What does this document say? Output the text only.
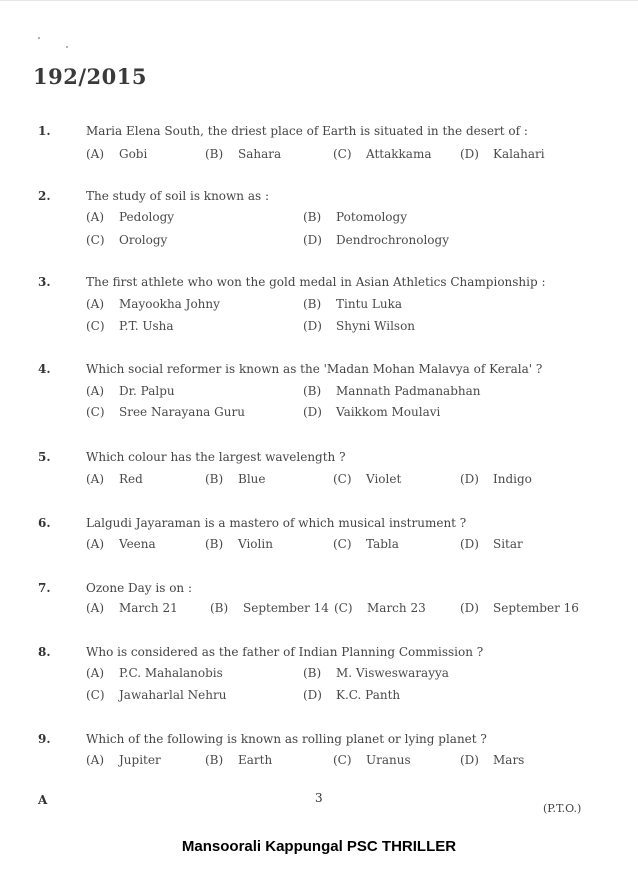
192/2015
1.	Maria Elena South, the driest place of Earth is situated in the desert of :
(A) Gobi	(B) Sahara	(C) Attakkama (D) Kalahari
2.	The study of soil is known as :
(A) Pedology	(B) Potomology
(C) Orology	(D) Dendrochronology
3.	The first athlete who won the gold medal in Asian Athletics Championship :
(A) Mayookha Johny	(B) Tintu Luka
(C) P.T. Usha	(D) Shyni Wilson
4.	Which social reformer is known as the 'Madan Mohan Malavya of Kerala' ?
(A) Dr. Palpu	(B) Mannath Padmanabhan
(C) Sree Narayana Guru	(D) Vaikkom Moulavi
5.	Which colour has the largest wavelength ?
(A) Red	(B) Blue	(C) Violet	(D) Indigo
6.	Lalgudi Jayaraman is a mastero of which musical instrument ?
(A) Veena	(B) Violin	(C) Tabla	(D) Sitar
7.	Ozone Day is on :
(A) March 21	(B) September 14 (C) March 23	(D) September 16
8.	Who is considered as the father of Indian Planning Commission ?
(A) P.C. Mahalanobis	(B) M. Visweswarayya
(C) Jawaharlal Nehru	(D) K.C. Panth
9.	Which of the following is known as rolling planet or lying planet ?
(A) Jupiter	(B) Earth	(C) Uranus	(D) Mars
A	3
(P.T.O.)
Mansoorali Kappungal PSC THRILLER
